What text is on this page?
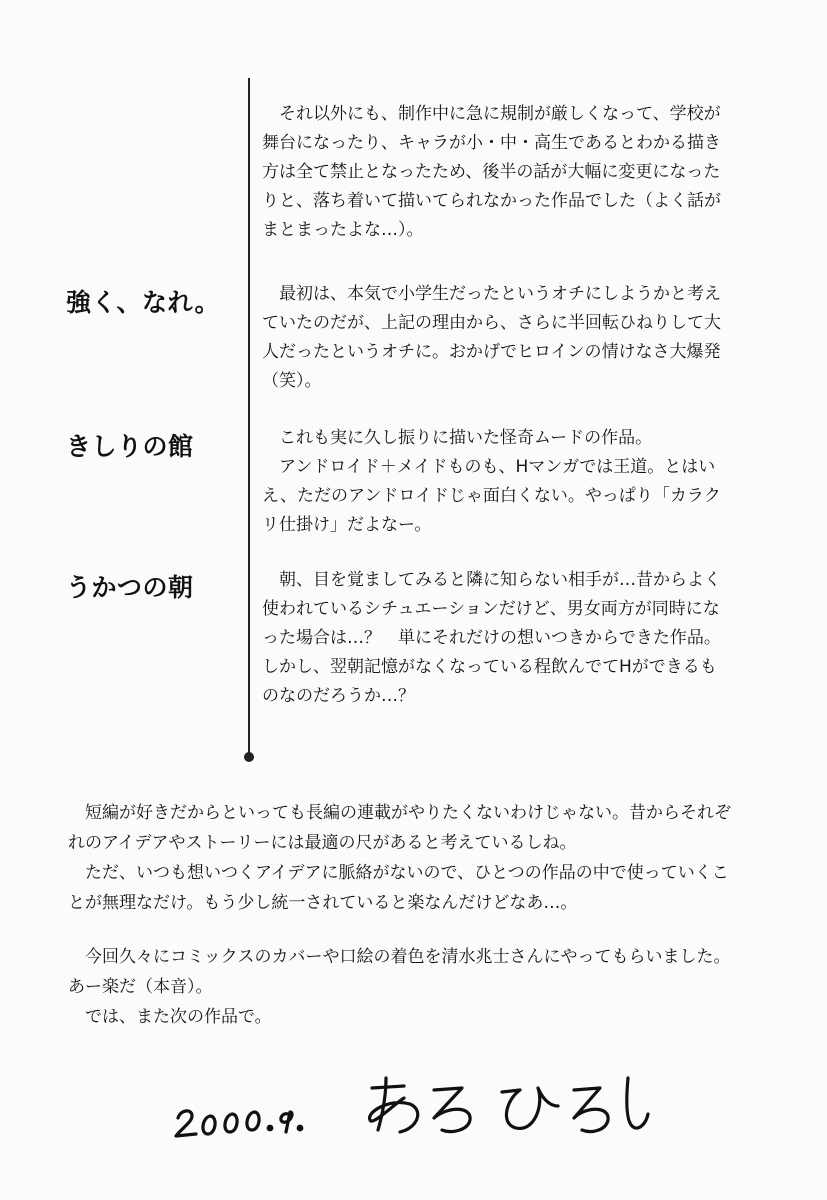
それ以外にも、制作中に急に規制が厳しくなって、学校が

舞台になったり、キャラが小・中・高生であるとわかる描き

方は全て禁止となったため、後半の話が大幅に変更になった

りと、落ち着いて描いてられなかった作品でした（よく話が

まとまったよな…）。

強く、なれ。	最初は、本気で小学生だったというオチにしようかと考え

ていたのだが、上記の理由から、さらに半回転ひねりして大

人だったというオチに。おかげでヒロインの情けなさ大爆発

（笑）。

きしりの館	これも実に久し振りに描いた怪奇ムードの作品。

アンドロイド＋メイドものも、Hマンガでは王道。とはい

え、ただのアンドロイドじゃ面白くない。やっぱり「カラク

リ仕掛け」だよなー。

うかつの朝	朝、目を覚ましてみると隣に知らない相手が…昔からよく

使われているシチュエーションだけど、男女両方が同時にな

った場合は…？　単にそれだけの想いつきからできた作品。

しかし、翌朝記憶がなくなっている程飲んでてHができるも

のなのだろうか…？

短編が好きだからといっても長編の連載がやりたくないわけじゃない。昔からそれぞ

れのアイデアやストーリーには最適の尺があると考えているしね。

ただ、いつも想いつくアイデアに脈絡がないので、ひとつの作品の中で使っていくこ

とが無理なだけ。もう少し統一されていると楽なんだけどなあ…。

今回久々にコミックスのカバーや口絵の着色を清水兆士さんにやってもらいました。

あー楽だ（本音）。

では、また次の作品で。
